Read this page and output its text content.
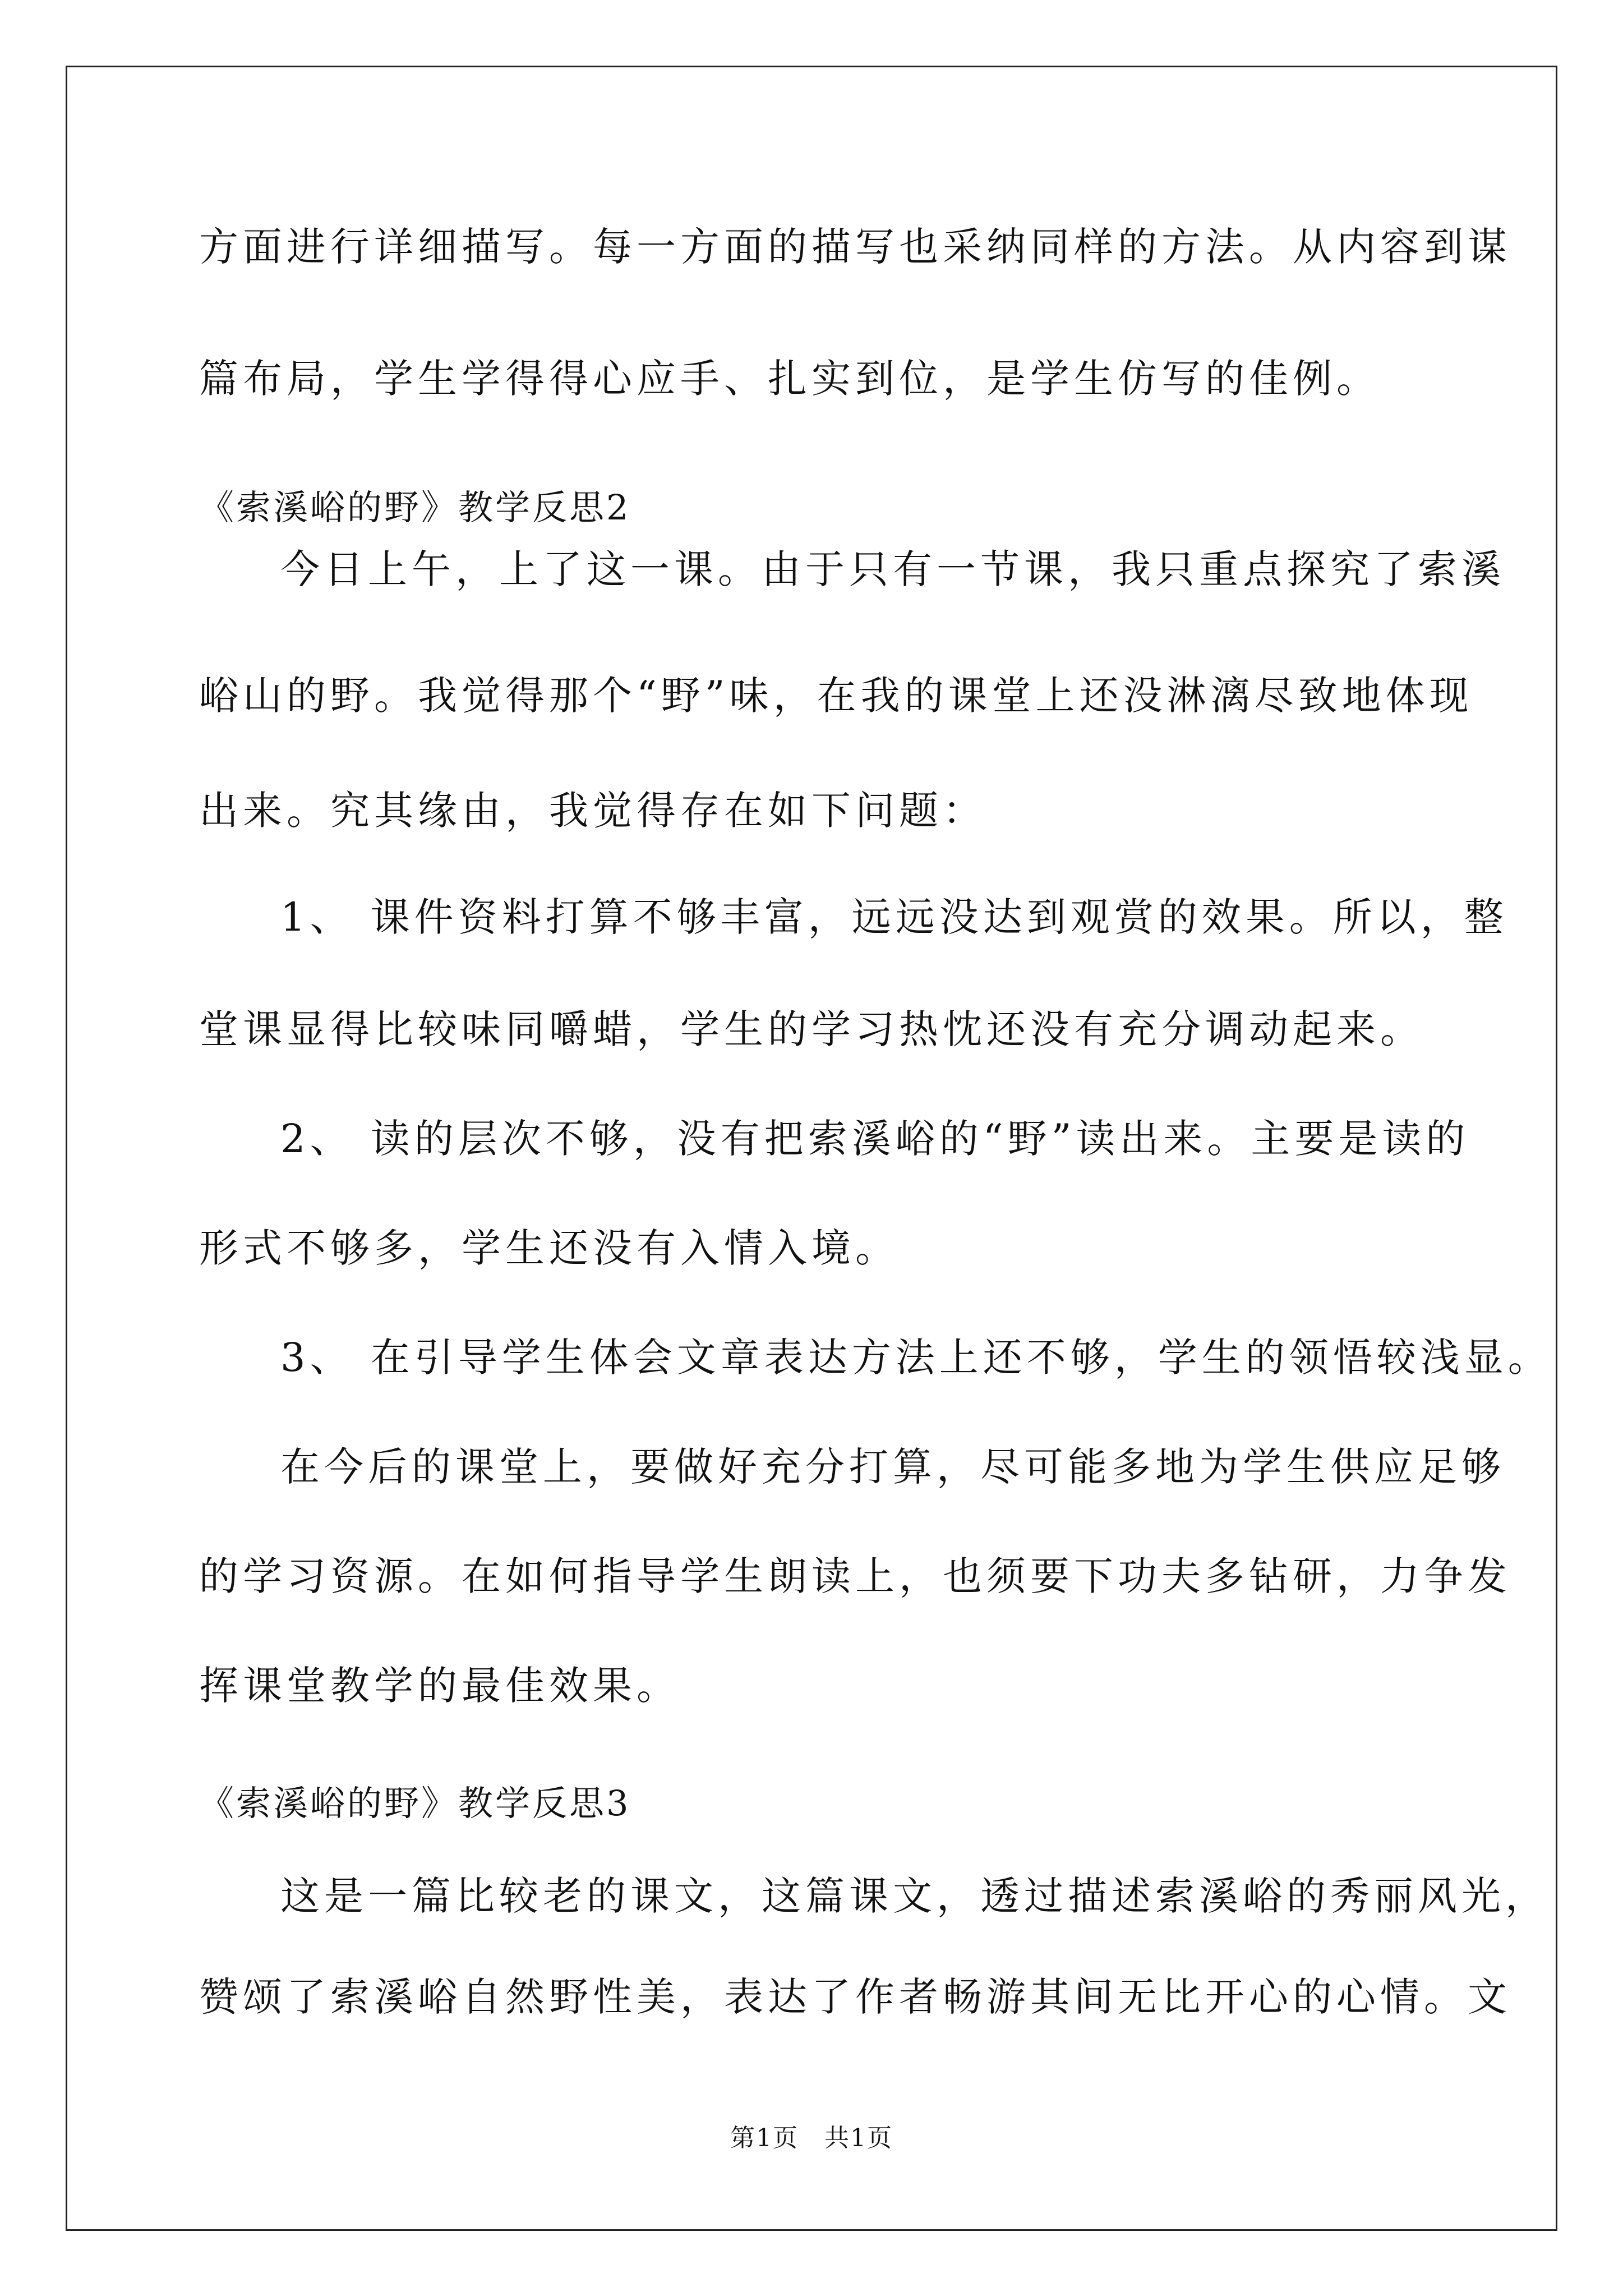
方面进行详细描写。每一方面的描写也采纳同样的方法。从内容到谋
篇布局，学生学得得心应手、扎实到位，是学生仿写的佳例。
《索溪峪的野》教学反思2
今日上午，上了这一课。由于只有一节课，我只重点探究了索溪
峪山的野。我觉得那个“野”味，在我的课堂上还没淋漓尽致地体现
出来。究其缘由，我觉得存在如下问题：
1、 课件资料打算不够丰富，远远没达到观赏的效果。所以，整
堂课显得比较味同嚼蜡，学生的学习热忱还没有充分调动起来。
2、 读的层次不够，没有把索溪峪的“野”读出来。主要是读的
形式不够多，学生还没有入情入境。
3、 在引导学生体会文章表达方法上还不够，学生的领悟较浅显。
在今后的课堂上，要做好充分打算，尽可能多地为学生供应足够
的学习资源。在如何指导学生朗读上，也须要下功夫多钻研，力争发
挥课堂教学的最佳效果。
《索溪峪的野》教学反思3
这是一篇比较老的课文，这篇课文，透过描述索溪峪的秀丽风光，
赞颂了索溪峪自然野性美，表达了作者畅游其间无比开心的心情。文
第1页　共1页
